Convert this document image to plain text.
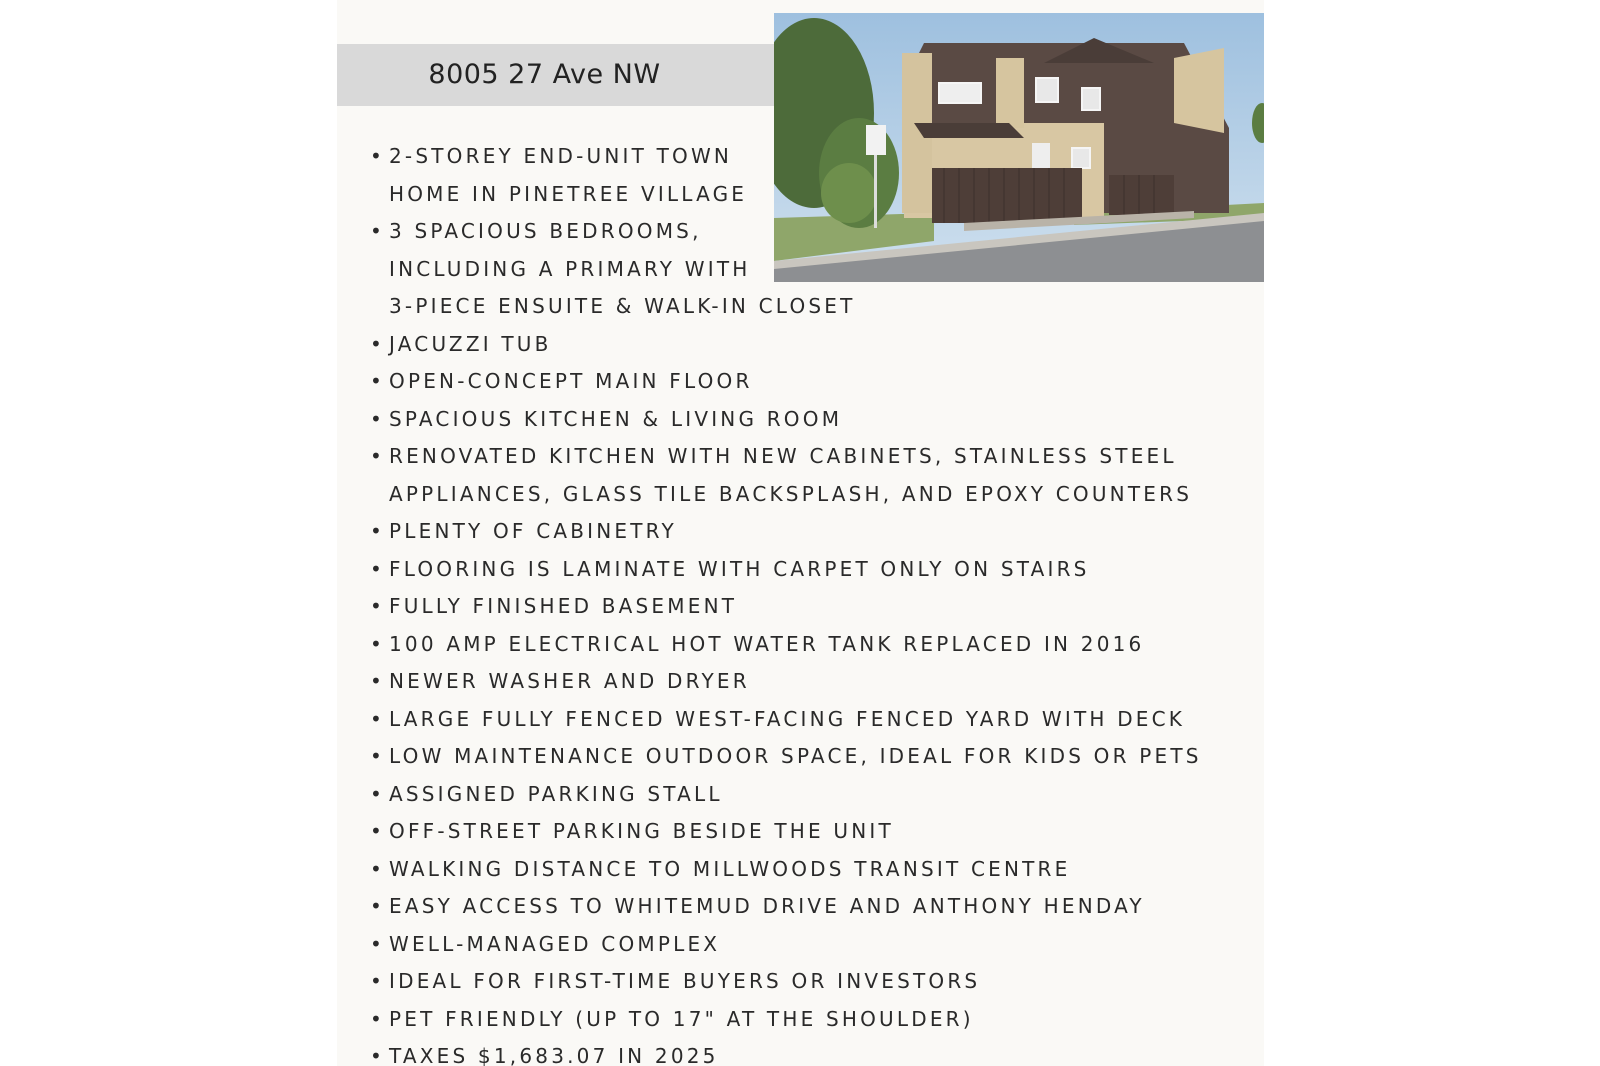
8005 27 Ave NW
• 2-STOREY END-UNIT TOWN
HOME IN PINETREE VILLAGE
• 3 SPACIOUS BEDROOMS,
INCLUDING A PRIMARY WITH
3-PIECE ENSUITE & WALK-IN CLOSET
• JACUZZI TUB
• OPEN-CONCEPT MAIN FLOOR
• SPACIOUS KITCHEN & LIVING ROOM
• RENOVATED KITCHEN WITH NEW CABINETS, STAINLESS STEEL
APPLIANCES, GLASS TILE BACKSPLASH, AND EPOXY COUNTERS
• PLENTY OF CABINETRY
• FLOORING IS LAMINATE WITH CARPET ONLY ON STAIRS
• FULLY FINISHED BASEMENT
• 100 AMP ELECTRICAL HOT WATER TANK REPLACED IN 2016
• NEWER WASHER AND DRYER
• LARGE FULLY FENCED WEST-FACING FENCED YARD WITH DECK
• LOW MAINTENANCE OUTDOOR SPACE, IDEAL FOR KIDS OR PETS
• ASSIGNED PARKING STALL
• OFF-STREET PARKING BESIDE THE UNIT
• WALKING DISTANCE TO MILLWOODS TRANSIT CENTRE
• EASY ACCESS TO WHITEMUD DRIVE AND ANTHONY HENDAY
• WELL-MANAGED COMPLEX
• IDEAL FOR FIRST-TIME BUYERS OR INVESTORS
• PET FRIENDLY (UP TO 17" AT THE SHOULDER)
• TAXES $1,683.07 IN 2025
